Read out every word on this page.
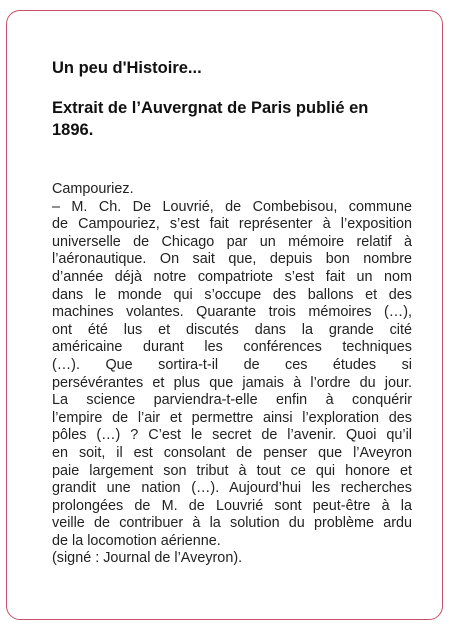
Un peu d'Histoire...
Extrait de l’Auvergnat de Paris publié en
1896.
Campouriez.
– M. Ch. De Louvrié, de Combebisou, commune
de Campouriez, s’est fait représenter à l’exposition
universelle de Chicago par un mémoire relatif à
l’aéronautique. On sait que, depuis bon nombre
d’année déjà notre compatriote s’est fait un nom
dans le monde qui s’occupe des ballons et des
machines volantes. Quarante trois mémoires (…),
ont été lus et discutés dans la grande cité
américaine durant les conférences techniques
(…). Que sortira-t-il de ces études si
persévérantes et plus que jamais à l’ordre du jour.
La science parviendra-t-elle enfin à conquérir
l’empire de l’air et permettre ainsi l’exploration des
pôles (…) ? C’est le secret de l’avenir. Quoi qu’il
en soit, il est consolant de penser que l’Aveyron
paie largement son tribut à tout ce qui honore et
grandit une nation (…). Aujourd’hui les recherches
prolongées de M. de Louvrié sont peut-être à la
veille de contribuer à la solution du problème ardu
de la locomotion aérienne.
(signé : Journal de l’Aveyron).
